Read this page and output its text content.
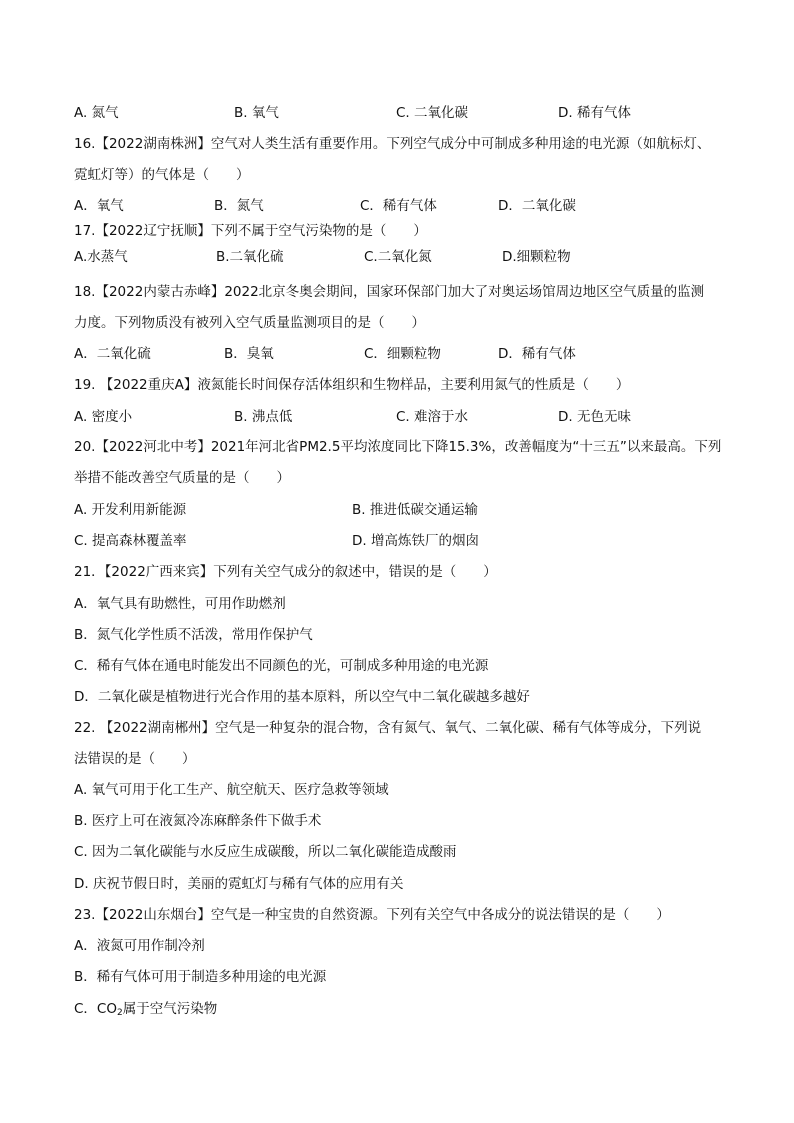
A. 氮气	B. 氧气	C. 二氧化碳	D. 稀有气体
16.【2022湖南株洲】空气对人类生活有重要作用。下列空气成分中可制成多种用途的电光源（如航标灯、
霓虹灯等）的气体是（　　）
A．氧气	B．氮气	C．稀有气体	D．二氧化碳
17.【2022辽宁抚顺】下列不属于空气污染物的是（　　）
A.水蒸气	B.二氧化硫	C.二氧化氮	D.细颗粒物
18.【2022内蒙古赤峰】2022北京冬奥会期间，国家环保部门加大了对奥运场馆周边地区空气质量的监测
力度。下列物质没有被列入空气质量监测项目的是（　　）
A．二氧化硫	B．臭氧	C．细颗粒物	D．稀有气体
19. 【2022重庆A】液氮能长时间保存活体组织和生物样品，主要利用氮气的性质是（　　）
A. 密度小	B. 沸点低	C. 难溶于水	D. 无色无味
20.【2022河北中考】2021年河北省PM2.5平均浓度同比下降15.3%，改善幅度为“十三五”以来最高。下列
举措不能改善空气质量的是（　　）
A. 开发利用新能源	B. 推进低碳交通运输
C. 提高森林覆盖率	D. 增高炼铁厂的烟囱
21．【2022广西来宾】下列有关空气成分的叙述中，错误的是（　　）
A．氧气具有助燃性，可用作助燃剂
B．氮气化学性质不活泼，常用作保护气
C．稀有气体在通电时能发出不同颜色的光，可制成多种用途的电光源
D．二氧化碳是植物进行光合作用的基本原料，所以空气中二氧化碳越多越好
22. 【2022湖南郴州】空气是一种复杂的混合物，含有氮气、氧气、二氧化碳、稀有气体等成分，下列说
法错误的是（　　）
A. 氧气可用于化工生产、航空航天、医疗急救等领域
B. 医疗上可在液氮冷冻麻醉条件下做手术
C. 因为二氧化碳能与水反应生成碳酸，所以二氧化碳能造成酸雨
D. 庆祝节假日时，美丽的霓虹灯与稀有气体的应用有关
23.【2022山东烟台】空气是一种宝贵的自然资源。下列有关空气中各成分的说法错误的是（　　）
A．液氮可用作制冷剂
B．稀有气体可用于制造多种用途的电光源
C．$CO_2$属于空气污染物
